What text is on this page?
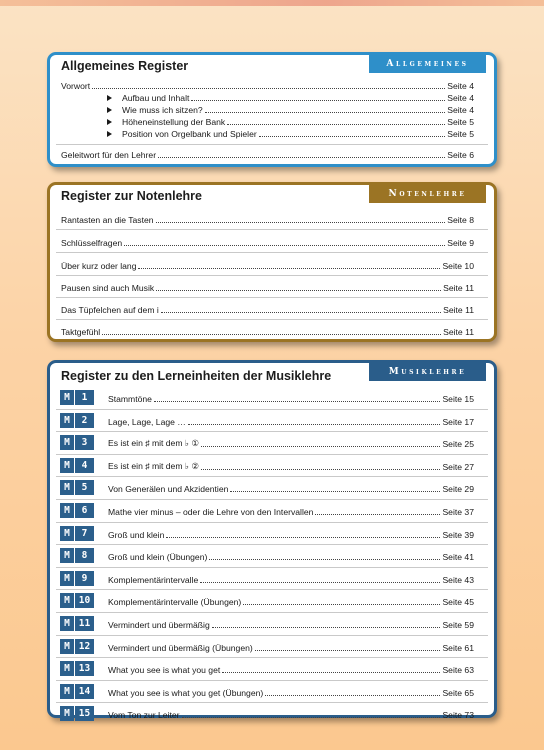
Allgemeines Register	Allgemeines
Vorwort	Seite 4
Aufbau und Inhalt	Seite 4
Wie muss ich sitzen?	Seite 4
Höheneinstellung der Bank	Seite 5
Position von Orgelbank und Spieler	Seite 5
Geleitwort für den Lehrer	Seite 6
Register zur Notenlehre	Notenlehre
Rantasten an die Tasten	Seite 8
Schlüsselfragen	Seite 9
Über kurz oder lang	Seite 10
Pausen sind auch Musik	Seite 11
Das Tüpfelchen auf dem i	Seite 11
Taktgefühl	Seite 11
Register zu den Lerneinheiten der Musiklehre	Musiklehre
M	1	Stammtöne	Seite 15
M	2	Lage, Lage, Lage …	Seite 17
M	3	Es ist ein ♯ mit dem ♭ ①	Seite 25
M	4	Es ist ein ♯ mit dem ♭ ②	Seite 27
M	5	Von Generälen und Akzidentien	Seite 29
M	6	Mathe vier minus – oder die Lehre von den Intervallen	Seite 37
M	7	Groß und klein	Seite 39
M	8	Groß und klein (Übungen)	Seite 41
M	9	Komplementärintervalle	Seite 43
M 10	Komplementärintervalle (Übungen)	Seite 45
M 11	Vermindert und übermäßig	Seite 59
M 12	Vermindert und übermäßig (Übungen)	Seite 61
M 13	What you see is what you get	Seite 63
M 14	What you see is what you get (Übungen)	Seite 65
M 15	Vom Ton zur Leiter	Seite 73
